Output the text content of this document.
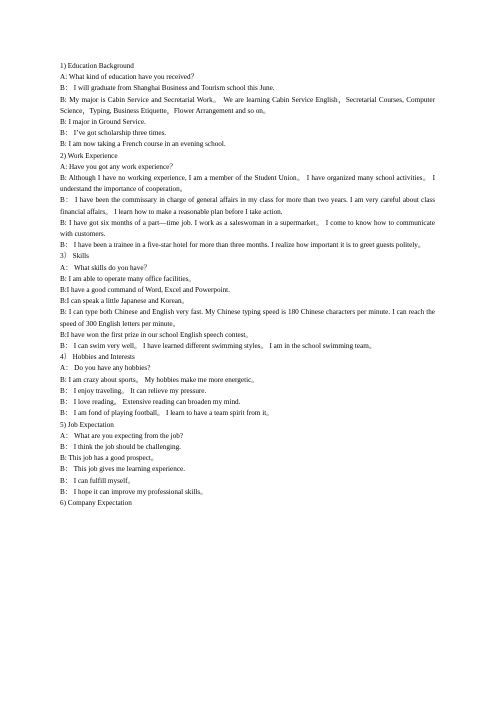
1) Education Background

A: What kind of education have you received？

B： I will graduate from Shanghai Business and Tourism school this June.

B: My major is Cabin Service and Secretarial Work。 We are learning Cabin Service English，Secretarial Courses, Computer Science，Typing, Business Etiquette，Flower Arrangement and so on。

B: I major in Ground Service.

B： I’ve got scholarship three times.

B: I am now taking a French course in an evening school.

2) Work Experience

A: Have you got any work experience？

B: Although I have no working experience, I am a member of the Student Union。 I have organized many school activities。 I understand the importance of cooperation。

B： I have been the commissary in charge of general affairs in my class for more than two years. I am very careful about class financial affairs。 I learn how to make a reasonable plan before I take action.

B: I have got six months of a part—time job. I work as a saleswoman in a supermarket。 I come to know how to communicate with customers.

B： I have been a trainee in a five-star hotel for more than three months. I realize how important it is to greet guests politely。

3） Skills

A： What skills do you have？

B: I am able to operate many office facilities。

B:I have a good command of Word, Excel and Powerpoint.

B:I can speak a little Japanese and Korean。

B: I can type both Chinese and English very fast. My Chinese typing speed is 180 Chinese characters per minute. I can reach the speed of 300 English letters per minute。

B:I have won the first prize in our school English speech contest。

B： I can swim very well。 I have learned different swimming styles。 I am in the school swimming team。

4） Hobbies and Interests

A： Do you have any hobbies?

B: I am crazy about sports。 My hobbies make me more energetic。

B： I enjoy traveling。 It can relieve my pressure.

B： I love reading。 Extensive reading can broaden my mind.

B： I am fond of playing football。 I learn to have a team spirit from it。

5) Job Expectation

A： What are you expecting from the job?

B： I think the job should be challenging.

B: This job has a good prospect。

B： This job gives me learning experience.

B： I can fulfill myself。

B： I hope it can improve my professional skills。

6) Company Expectation
